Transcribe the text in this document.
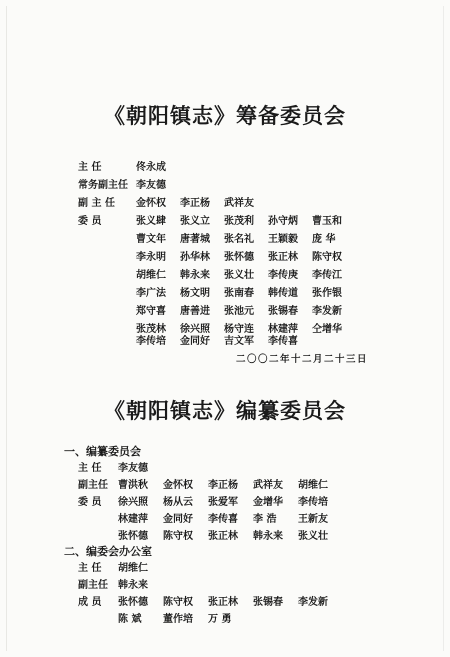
《朝阳镇志》筹备委员会
主 任	佟永成
常务副主任 李友德
副 主 任 金怀权 李正杨 武祥友
委 员	张义肆 张义立 张茂利 孙守炳 曹玉和
曹文年 唐著城 张名礼 王颖毅 庞 华
李永明 孙华林 张怀德 张正林 陈守权
胡维仁 韩永来 张义壮 李传庚 李传江
李广法 杨文明 张南春 韩传道 张作银
郑守喜 唐善进 张池元 张锡春 李发新
张茂林 徐兴照 杨守连 林建萍 仝增华
李传培 金同好 吉文军 李传喜
二〇〇二年十二月二十三日
《朝阳镇志》编纂委员会
一、编纂委员会
主 任 李友德
副主任 曹洪秋 金怀权 李正杨 武祥友 胡维仁
委 员 徐兴照 杨从云 张爱军 金增华 李传培
林建萍 金同好 李传喜 李 浩 王新友
张怀德 陈守权 张正林 韩永来 张义壮
二、编委会办公室
主 任 胡维仁
副主任 韩永来
成 员 张怀德 陈守权 张正林 张锡春 李发新
陈 斌 董作培 万 勇
